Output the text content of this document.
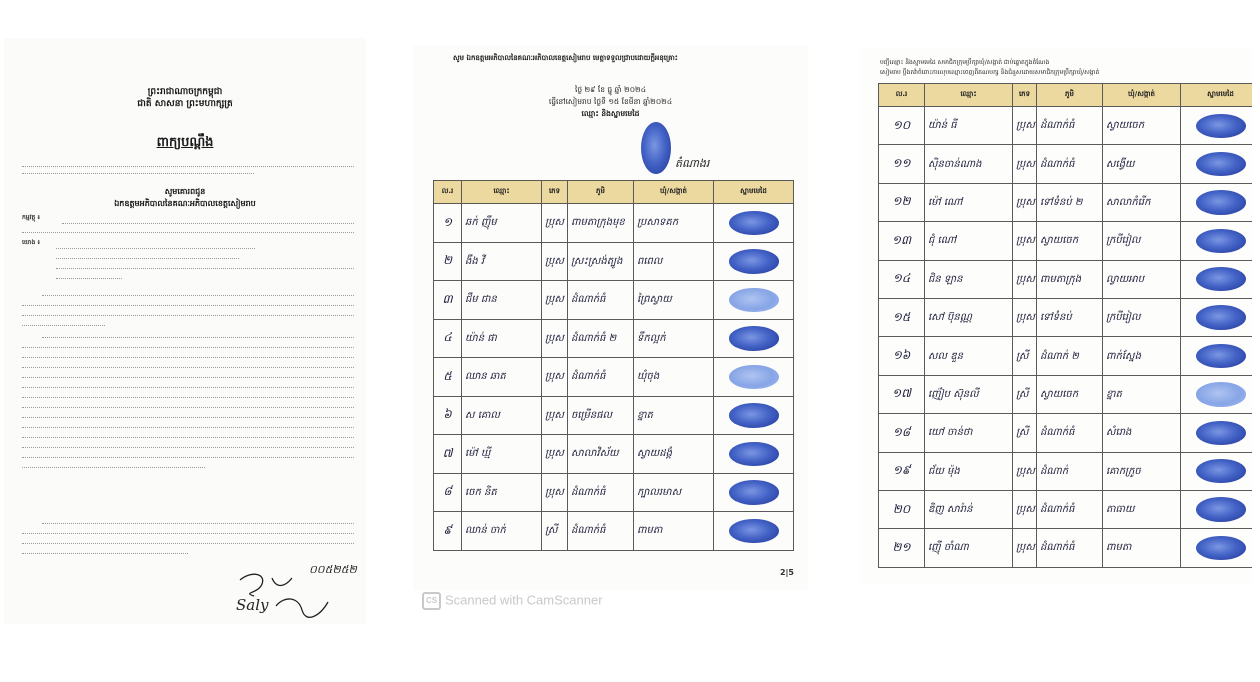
ព្រះរាជាណាចក្រកម្ពុជា
ជាតិ សាសនា ព្រះមហាក្សត្រ
ពាក្យបណ្តឹង
សូមគោរពជូន
ឯកឧត្តមអភិបាលនៃគណៈអភិបាលខេត្តសៀមរាប
កម្មវត្ថុ ៖
យោង ៖
០០៥២៥២
Saly
សូម ឯកឧត្តមអភិបាលនៃគណៈអភិបាលខេត្តសៀមរាប មេត្តាទទួលជ្រាបដោយក្តីអនុគ្រោះ
ថ្ងៃ ២៩ ខែ ធ្នូ ឆ្នាំ ២០២៤
ធ្វើនៅសៀមរាប ថ្ងៃទី ១៥ ខែមីនា ឆ្នាំ២០២៤
ឈ្មោះ និងស្នាមមេដៃ
តំណាងរ
ល.រ	ឈ្មោះ	ភេទ	ភូមិ	ឃុំ/សង្កាត់	ស្នាមមេដៃ
១	ឆក់ ញ៉ឹម	ប្រុស	ពាមតាក្រុងមុខ	ប្រសាទគក	

២	ងឹង វី	ប្រុស	ស្រះស្រង់ត្បូង	ពពេល	

៣	ជឹម ជាន	ប្រុស	ដំណាក់ធំ	ព្រៃស្វាយ	

៤	យ៉ាន់ ផា	ប្រុស	ដំណាក់ធំ ២	ទឹកល្អក់	

៥	ឈាន ឆាត	ប្រុស	ដំណាក់ធំ	ឃុំចុង	

៦	ស គោល	ប្រុស	ចម្រើនផល	ខ្នាត	

៧	ម៉ៅ ឃ្មី	ប្រុស	សាលាវិស័យ	ស្វាយដង្គំ	

៨	ចេក និត	ប្រុស	ដំណាក់ធំ	ក្បាលរមាស	

៩	ឈាន់ ចាក់	ស្រី	ដំណាក់ធំ	ពាមតា	
2|5
បញ្ជីឈ្មោះ និងស្នាមមេដៃ សមាជិកក្រុមប្រឹក្សាឃុំ/សង្កាត់ ជាប់ឆ្នោតក្នុងតំណែង
សៀមរាប ប្តឹងតវ៉ាចំពោះការលុបឈ្មោះចេញពីគណបក្ស និងជំនួសដោយសមាជិកក្រុមប្រឹក្សាឃុំ/សង្កាត់
ល.រ	ឈ្មោះ	ភេទ	ភូមិ	ឃុំ/សង្កាត់	ស្នាមមេដៃ
១០	យ៉ាន់ ធី	ប្រុស	ដំណាក់ធំ	ស្វាយចេក	

១១	ស៊ិនចាន់ណាង	ប្រុស	ដំណាក់ធំ	សង្វើយ	

១២	ម៉ៅ ណៅ	ប្រុស	ទៅទំនប់ ២	សាលាកំរើក	

១៣	ជុំ ណៅ	ប្រុស	ស្វាយចេក	ក្របីរៀល	

១៤	ជិន ឡាន	ប្រុស	ពាមតាក្រុង	ល្វាយអាប	

១៥	សៅ ប៊ុនណ្ណ	ប្រុស	ទៅទំនប់	ក្របីរៀល	

១៦	សល ឌួន	ស្រី	ដំណាក់ ២	ពាក់ស្នែង	

១៧	ញ៉ៀប ស៊ុនលី	ស្រី	ស្វាយចេក	ខ្នាត	

១៨	យៅ ចាន់ថា	ស្រី	ដំណាក់ធំ	សំរោង	

១៩	ជ័យ ម៉ុង	ប្រុស	ដំណាក់	គោកក្រូច	

២០	ឌិញ សារ៉ាន់	ប្រុស	ដំណាក់ធំ	តាធាយ	

២១	ញ៉ើ ចាំណា	ប្រុស	ដំណាក់ធំ	ពាមតា	
CS Scanned with CamScanner
